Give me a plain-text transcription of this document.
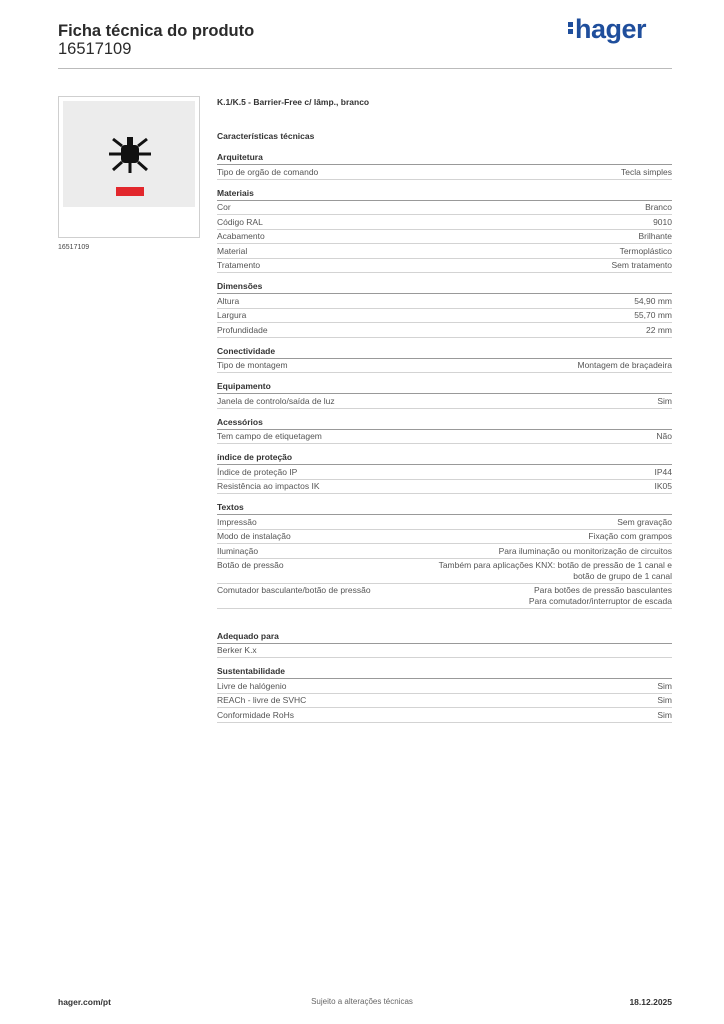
Ficha técnica do produto
16517109
hager
16517109
K.1/K.5 - Barrier-Free c/ lâmp., branco
Características técnicas
Arquitetura
Tipo de orgão de comando	Tecla simples
Materiais
Cor	Branco
Código RAL	9010
Acabamento	Brilhante
Material	Termoplástico
Tratamento	Sem tratamento
Dimensões
Altura	54,90 mm
Largura	55,70 mm
Profundidade	22 mm
Conectividade
Tipo de montagem	Montagem de braçadeira
Equipamento
Janela de controlo/saída de luz	Sim
Acessórios
Tem campo de etiquetagem	Não
índice de proteção
Índice de proteção IP	IP44
Resistência ao impactos IK	IK05
Textos
Impressão	Sem gravação
Modo de instalação	Fixação com grampos
Iluminação	Para iluminação ou monitorização de circuitos
Botão de pressão	Também para aplicações KNX: botão de pressão de 1 canal e
botão de grupo de 1 canal
Comutador basculante/botão de pressão	Para botões de pressão basculantes
Para comutador/interruptor de escada
Adequado para
Berker K.x
Sustentabilidade
Livre de halógenio	Sim
REACh - livre de SVHC	Sim
Conformidade RoHs	Sim
hager.com/pt	Sujeito a alterações técnicas	18.12.2025
